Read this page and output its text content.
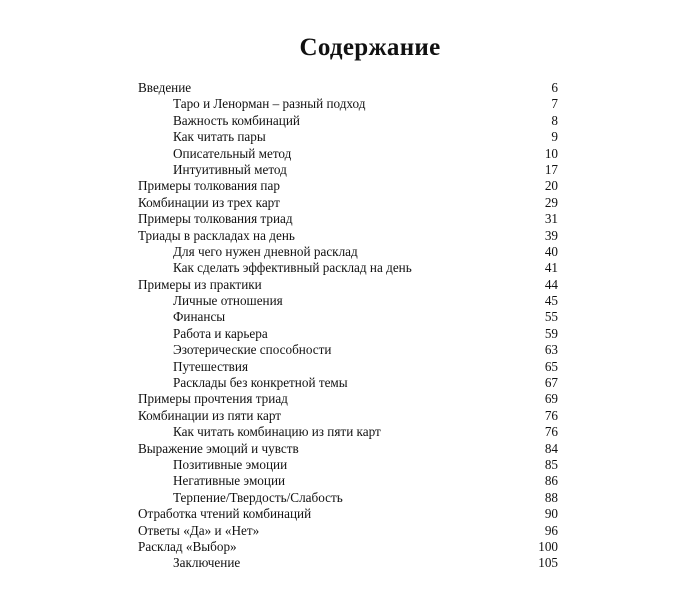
Содержание
Введение	6
Таро и Ленорман – разный подход	7
Важность комбинаций	8
Как читать пары	9
Описательный метод	10
Интуитивный метод	17
Примеры толкования пар	20
Комбинации из трех карт	29
Примеры толкования триад	31
Триады в раскладах на день	39
Для чего нужен дневной расклад	40
Как сделать эффективный расклад на день	41
Примеры из практики	44
Личные отношения	45
Финансы	55
Работа и карьера	59
Эзотерические способности	63
Путешествия	65
Расклады без конкретной темы	67
Примеры прочтения триад	69
Комбинации из пяти карт	76
Как читать комбинацию из пяти карт	76
Выражение эмоций и чувств	84
Позитивные эмоции	85
Негативные эмоции	86
Терпение/Твердость/Слабость	88
Отработка чтений комбинаций	90
Ответы «Да» и «Нет»	96
Расклад «Выбор»	100
Заключение	105
